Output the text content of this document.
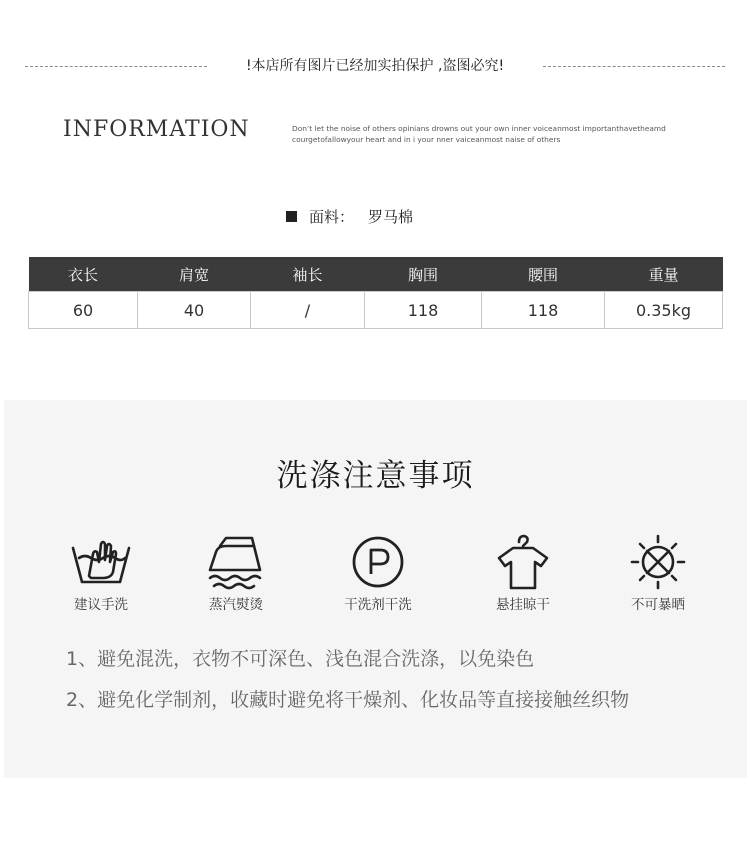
!本店所有图片已经加实拍保护 ,盗图必究!
INFORMATION	Don’t let the noise of others opinians drowns out your own inner voiceanmost importanthavetheamd courgetofallowyour heart and in i your nner vaiceanmost naise of others
面料： 罗马棉
衣长	肩宽	袖长	胸围	腰围	重量
60	40	/	118	118	0.35kg
洗涤注意事项
建议手洗	蒸汽熨烫	干洗剂干洗	悬挂晾干	不可暴晒

1、避免混洗，衣物不可深色、浅色混合洗涤，以免染色

2、避免化学制剂，收藏时避免将干燥剂、化妆品等直接接触丝织物
